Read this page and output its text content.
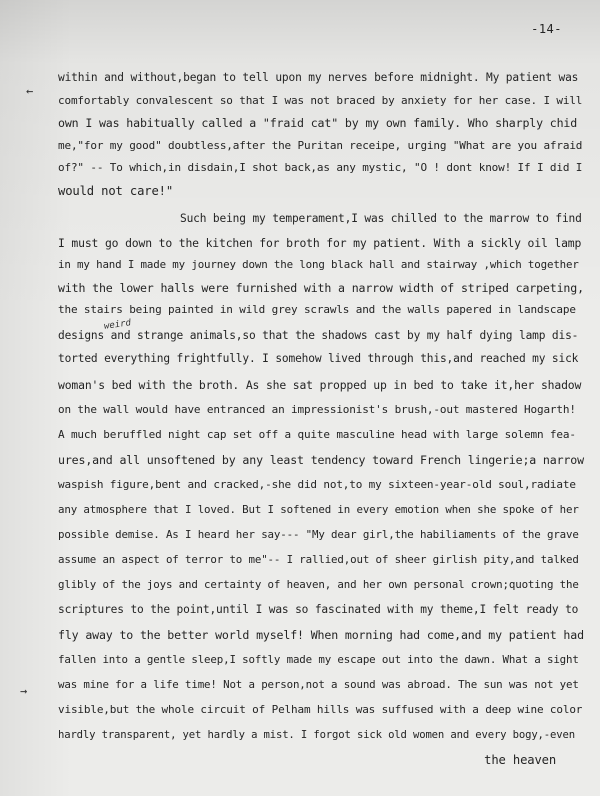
-14-
←
→
weird
within and without,began to tell upon my nerves before midnight. My patient was
comfortably convalescent so that I was not braced by anxiety for her case. I will
own I was habitually called a "fraid cat" by my own family. Who sharply chid
me,"for my good" doubtless,after the Puritan receipe, urging "What are you afraid
of?" -- To which,in disdain,I shot back,as any mystic, "O ! dont know! If I did I
would not care!"
Such being my temperament,I was chilled to the marrow to find
I must go down to the kitchen for broth for my patient. With a sickly oil lamp
in my hand I made my journey down the long black hall and stairway ,which together
with the lower halls were furnished with a narrow width of striped carpeting,
the stairs being painted in wild grey scrawls and the walls papered in landscape
designs and strange animals,so that the shadows cast by my half dying lamp dis-
torted everything frightfully. I somehow lived through this,and reached my sick
woman's bed with the broth. As she sat propped up in bed to take it,her shadow
on the wall would have entranced an impressionist's brush,-out mastered Hogarth!
A much beruffled night cap set off a quite masculine head with large solemn fea-
ures,and all unsoftened by any least tendency toward French lingerie;a narrow
waspish figure,bent and cracked,-she did not,to my sixteen-year-old soul,radiate
any atmosphere that I loved. But I softened in every emotion when she spoke of her
possible demise. As I heard her say--- "My dear girl,the habiliaments of the grave
assume an aspect of terror to me"-- I rallied,out of sheer girlish pity,and talked
glibly of the joys and certainty of heaven, and her own personal crown;quoting the
scriptures to the point,until I was so fascinated with my theme,I felt ready to
fly away to the better world myself! When morning had come,and my patient had
fallen into a gentle sleep,I softly made my escape out into the dawn. What a sight
was mine for a life time! Not a person,not a sound was abroad. The sun was not yet
visible,but the whole circuit of Pelham hills was suffused with a deep wine color
hardly transparent, yet hardly a mist. I forgot sick old women and every bogy,-even
the heaven
